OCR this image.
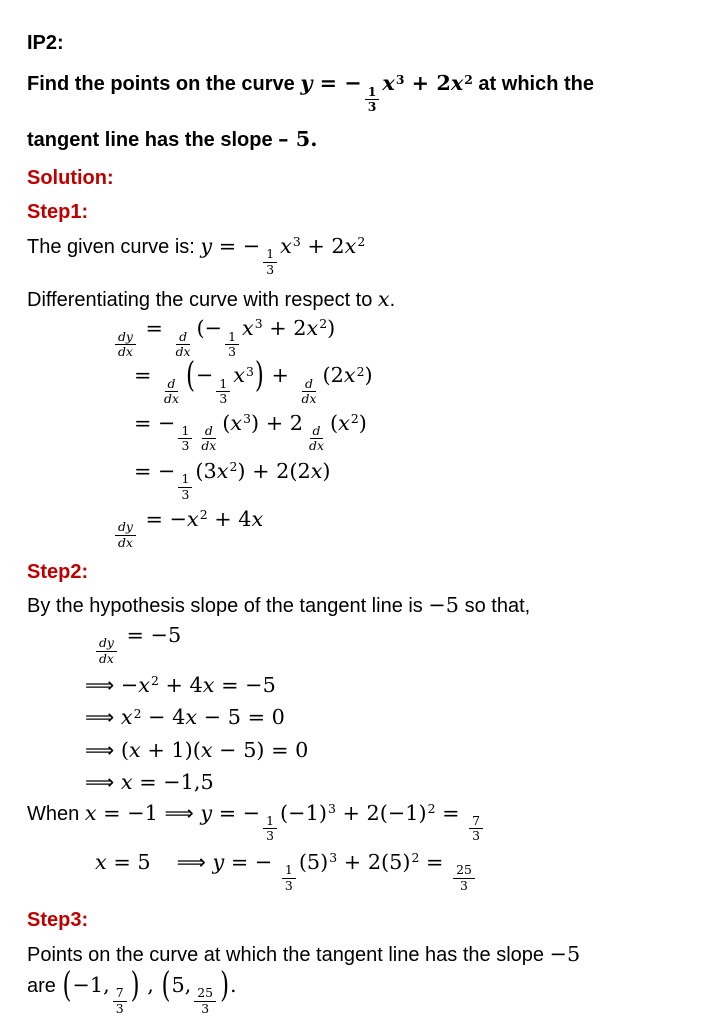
IP2:
Find the points on the curve y = −
$\frac{1}{3}$
$x^3 + 2x^2$ at which the
tangent line has the slope – 5.
Solution:
Step1:
The given curve is: y = −
$\frac{1}{3}$
$x^3 + 2x^2$
Differentiating the curve with respect to x.
$\frac{dy}{dx}$
=
$\frac{d}{dx}$
(−
$\frac{1}{3}$
$x^3 + 2x^2$)
=
$\frac{d}{dx}$ (−
$\frac{1}{3}$
$x^3$) +
$\frac{d}{dx}$
$(2x^2)$
= −
$\frac{1}{3} \frac{d}{dx}$
$(x^3) + 2$
$\frac{d}{dx}$
$(x^2)$
= −
$\frac{1}{3}$
$(3x^2) + 2(2x)$
$\frac{dy}{dx}$
= $-x^2 + 4x$
Step2:
By the hypothesis slope of the tangent line is −5 so that,
$\frac{dy}{dx}$
= −5
⟹ $-x^2 + 4x = -5$
⟹ $x^2 - 4x - 5 = 0$
⟹ (x + 1)(x − 5) = 0
⟹ x = −1,5
When x = −1 ⟹ y = −
$\frac{1}{3}$
$(-1)^3 + 2(-1)^2$ =
$\frac{7}{3}$
x = 5 ⟹ y = −
$\frac{1}{3}$
$(5)^3 + 2(5)^2$ =
$\frac{25}{3}$
Step3:
Points on the curve at which the tangent line has the slope −5
are (−1,
$\frac{7}{3}$ ) , (5,
$\frac{25}{3}$ ).
